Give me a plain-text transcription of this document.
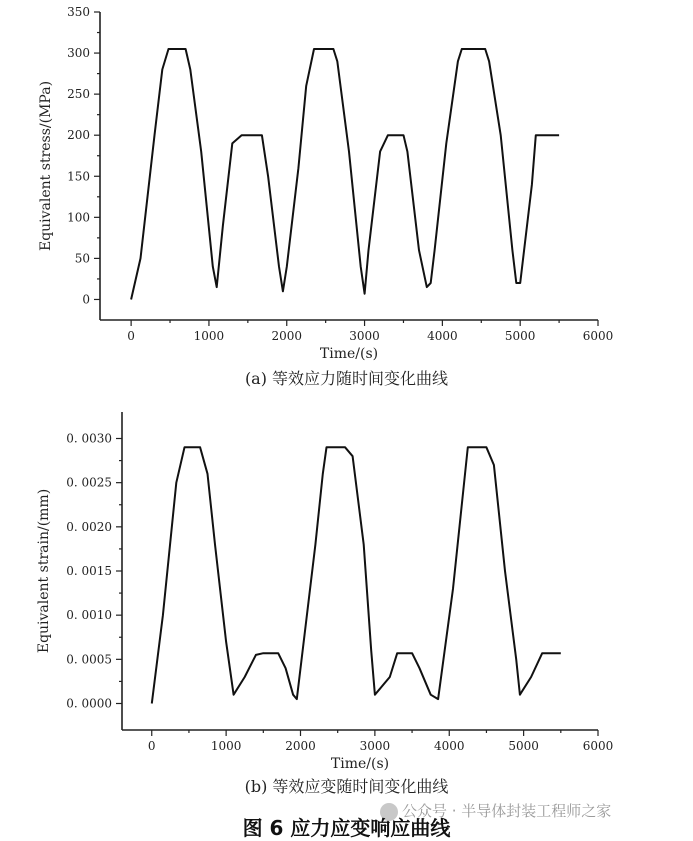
0	1000	2000	3000	4000	5000	6000
0
50
100
150
200
250
300
350
Time/(s)
Equivalent stress/(MPa)
(a) 等效应力随时间变化曲线
0	1000	2000	3000	4000	5000	6000
0. 0000
0. 0005
0. 0010
0. 0015
0. 0020
0. 0025
0. 0030
Time/(s)
Equivalent strain/(mm)
(b) 等效应变随时间变化曲线
公众号 · 半导体封装工程师之家
图 6 应力应变响应曲线
